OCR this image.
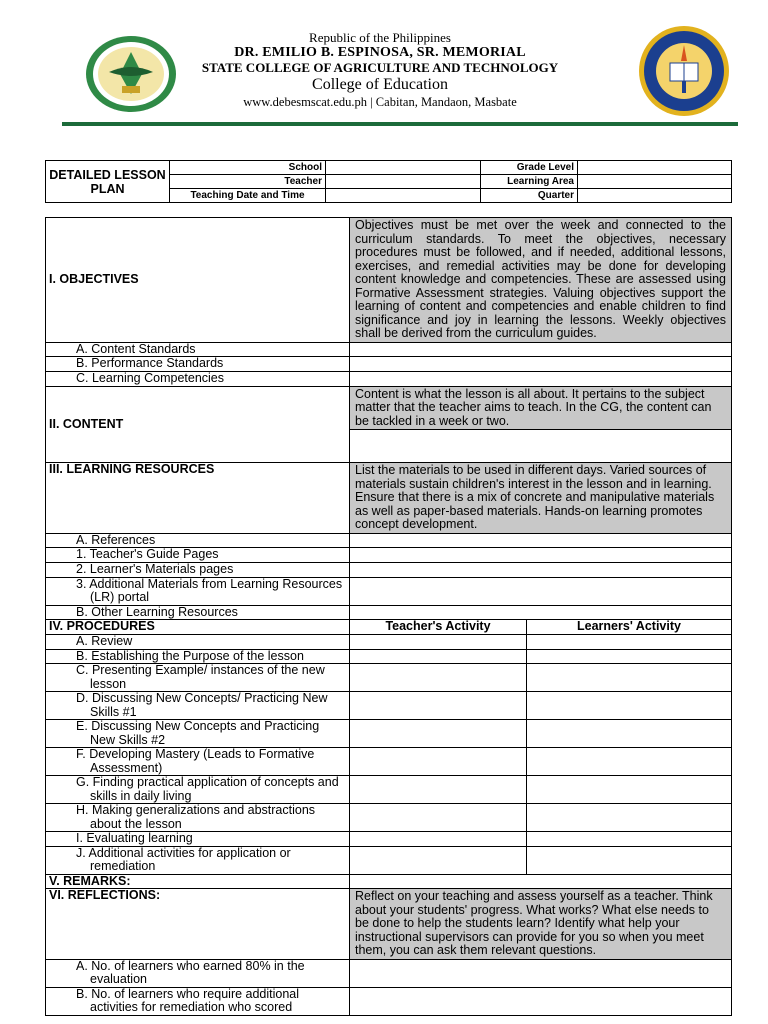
Republic of the Philippines
DR. EMILIO B. ESPINOSA, SR. MEMORIAL
STATE COLLEGE OF AGRICULTURE AND TECHNOLOGY
College of Education
www.debesmscat.edu.ph | Cabitan, Mandaon, Masbate
DETAILED LESSON PLAN	School		Grade Level	
	Teacher		Learning Area	
	Teaching Date and Time		Quarter	
I. OBJECTIVES	Objectives must be met over the week and connected to the curriculum standards. To meet the objectives, necessary procedures must be followed, and if needed, additional lessons, exercises, and remedial activities may be done for developing content knowledge and competencies. These are assessed using Formative Assessment strategies. Valuing objectives support the learning of content and competencies and enable children to find significance and joy in learning the lessons. Weekly objectives shall be derived from the curriculum guides.	
A. Content Standards		
B. Performance Standards		
C. Learning Competencies		
II. CONTENT	Content is what the lesson is all about. It pertains to the subject matter that the teacher aims to teach. In the CG, the content can be tackled in a week or two.	

III. LEARNING RESOURCES	List the materials to be used in different days. Varied sources of materials sustain children's interest in the lesson and in learning. Ensure that there is a mix of concrete and manipulative materials as well as paper-based materials. Hands-on learning promotes concept development.	
A. References		
1. Teacher's Guide Pages		
2. Learner's Materials pages		
3. Additional Materials from Learning Resources (LR) portal		
B. Other Learning Resources		
IV. PROCEDURES	Teacher's Activity	Learners' Activity
A. Review		
B. Establishing the Purpose of the lesson		
C. Presenting Example/ instances of the new lesson		
D. Discussing New Concepts/ Practicing New Skills #1		
E. Discussing New Concepts and Practicing New Skills #2		
F. Developing Mastery (Leads to Formative Assessment)		
G. Finding practical application of concepts and skills in daily living		
H. Making generalizations and abstractions about the lesson		
I. Evaluating learning		
J. Additional activities for application or remediation		
V. REMARKS:		
VI. REFLECTIONS:	Reflect on your teaching and assess yourself as a teacher. Think about your students' progress. What works? What else needs to be done to help the students learn? Identify what help your instructional supervisors can provide for you so when you meet them, you can ask them relevant questions.	
A. No. of learners who earned 80% in the evaluation		
B. No. of learners who require additional activities for remediation who scored		
